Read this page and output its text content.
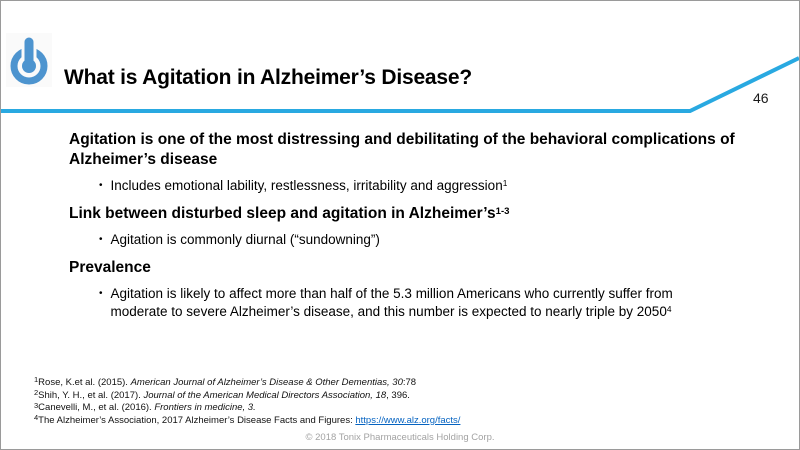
What is Agitation in Alzheimer’s Disease?
46
Agitation is one of the most distressing and debilitating of the behavioral complications of Alzheimer’s disease
• Includes emotional lability, restlessness, irritability and aggression$^1$
Link between disturbed sleep and agitation in $Alzheimer’s^{1-3}$
• Agitation is commonly diurnal (“sundowning”)
Prevalence
• Agitation is likely to affect more than half of the 5.3 million Americans who currently suffer from moderate to severe Alzheimer’s disease, and this number is expected to nearly triple by 2050$^4$
$^1$Rose, K.et al. (2015). American Journal of Alzheimer’s Disease & Other Dementias, 30:78
$^2$Shih, Y. H., et al. (2017). Journal of the American Medical Directors Association, 18, 396.
$^3$Canevelli, M., et al. (2016). Frontiers in medicine, 3.
$^4$The Alzheimer’s Association, 2017 Alzheimer’s Disease Facts and Figures: https://www.alz.org/facts/
© 2018 Tonix Pharmaceuticals Holding Corp.
